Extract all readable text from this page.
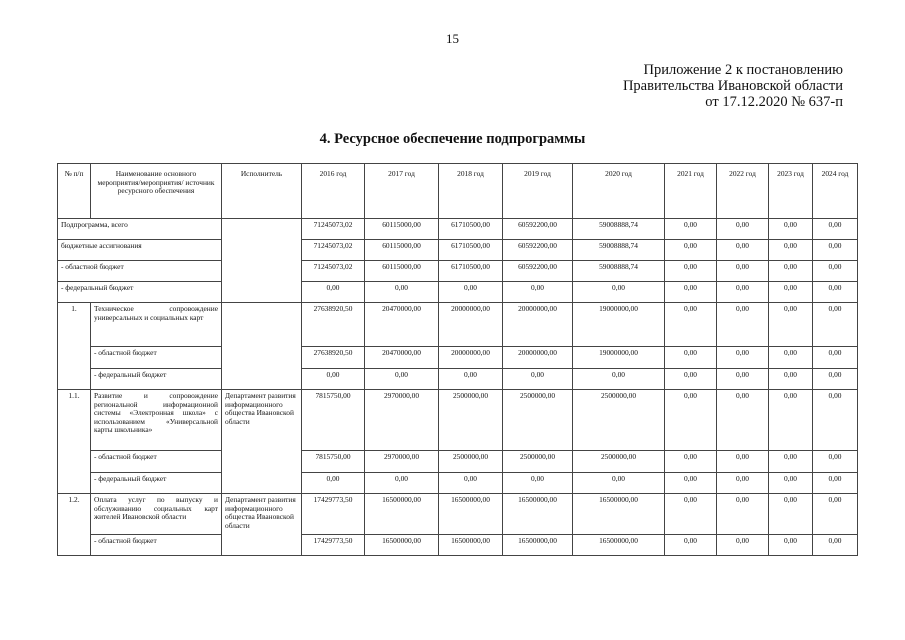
15
Приложение 2 к постановлению
Правительства Ивановской области
от 17.12.2020 № 637-п
4. Ресурсное обеспечение подпрограммы
№ п/п	Наименование основного мероприятия/мероприятия/ источник ресурсного обеспечения	Исполнитель	2016 год	2017 год	2018 год	2019 год	2020 год	2021 год	2022 год	2023 год	2024 год
Подпрограмма, всего			71245073,02	60115000,00	61710500,00	60592200,00	59008888,74	0,00	0,00	0,00	0,00
бюджетные ассигнования			71245073,02	60115000,00	61710500,00	60592200,00	59008888,74	0,00	0,00	0,00	0,00
- областной бюджет			71245073,02	60115000,00	61710500,00	60592200,00	59008888,74	0,00	0,00	0,00	0,00
- федеральный бюджет			0,00	0,00	0,00	0,00	0,00	0,00	0,00	0,00	0,00
1.	Техническое сопровождение универсальных и социальных карт		27638920,50	20470000,00	20000000,00	20000000,00	19000000,00	0,00	0,00	0,00	0,00
	- областной бюджет		27638920,50	20470000,00	20000000,00	20000000,00	19000000,00	0,00	0,00	0,00	0,00
	- федеральный бюджет		0,00	0,00	0,00	0,00	0,00	0,00	0,00	0,00	0,00
1.1.	Развитие и сопровождение региональной информационной системы «Электронная школа» с использованием «Универсальной карты школьника»	Департамент развития информационного общества Ивановской области	7815750,00	2970000,00	2500000,00	2500000,00	2500000,00	0,00	0,00	0,00	0,00
	- областной бюджет		7815750,00	2970000,00	2500000,00	2500000,00	2500000,00	0,00	0,00	0,00	0,00
	- федеральный бюджет		0,00	0,00	0,00	0,00	0,00	0,00	0,00	0,00	0,00
1.2.	Оплата услуг по выпуску и обслуживанию социальных карт жителей Ивановской области	Департамент развития информационного общества Ивановской области	17429773,50	16500000,00	16500000,00	16500000,00	16500000,00	0,00	0,00	0,00	0,00
	- областной бюджет		17429773,50	16500000,00	16500000,00	16500000,00	16500000,00	0,00	0,00	0,00	0,00
